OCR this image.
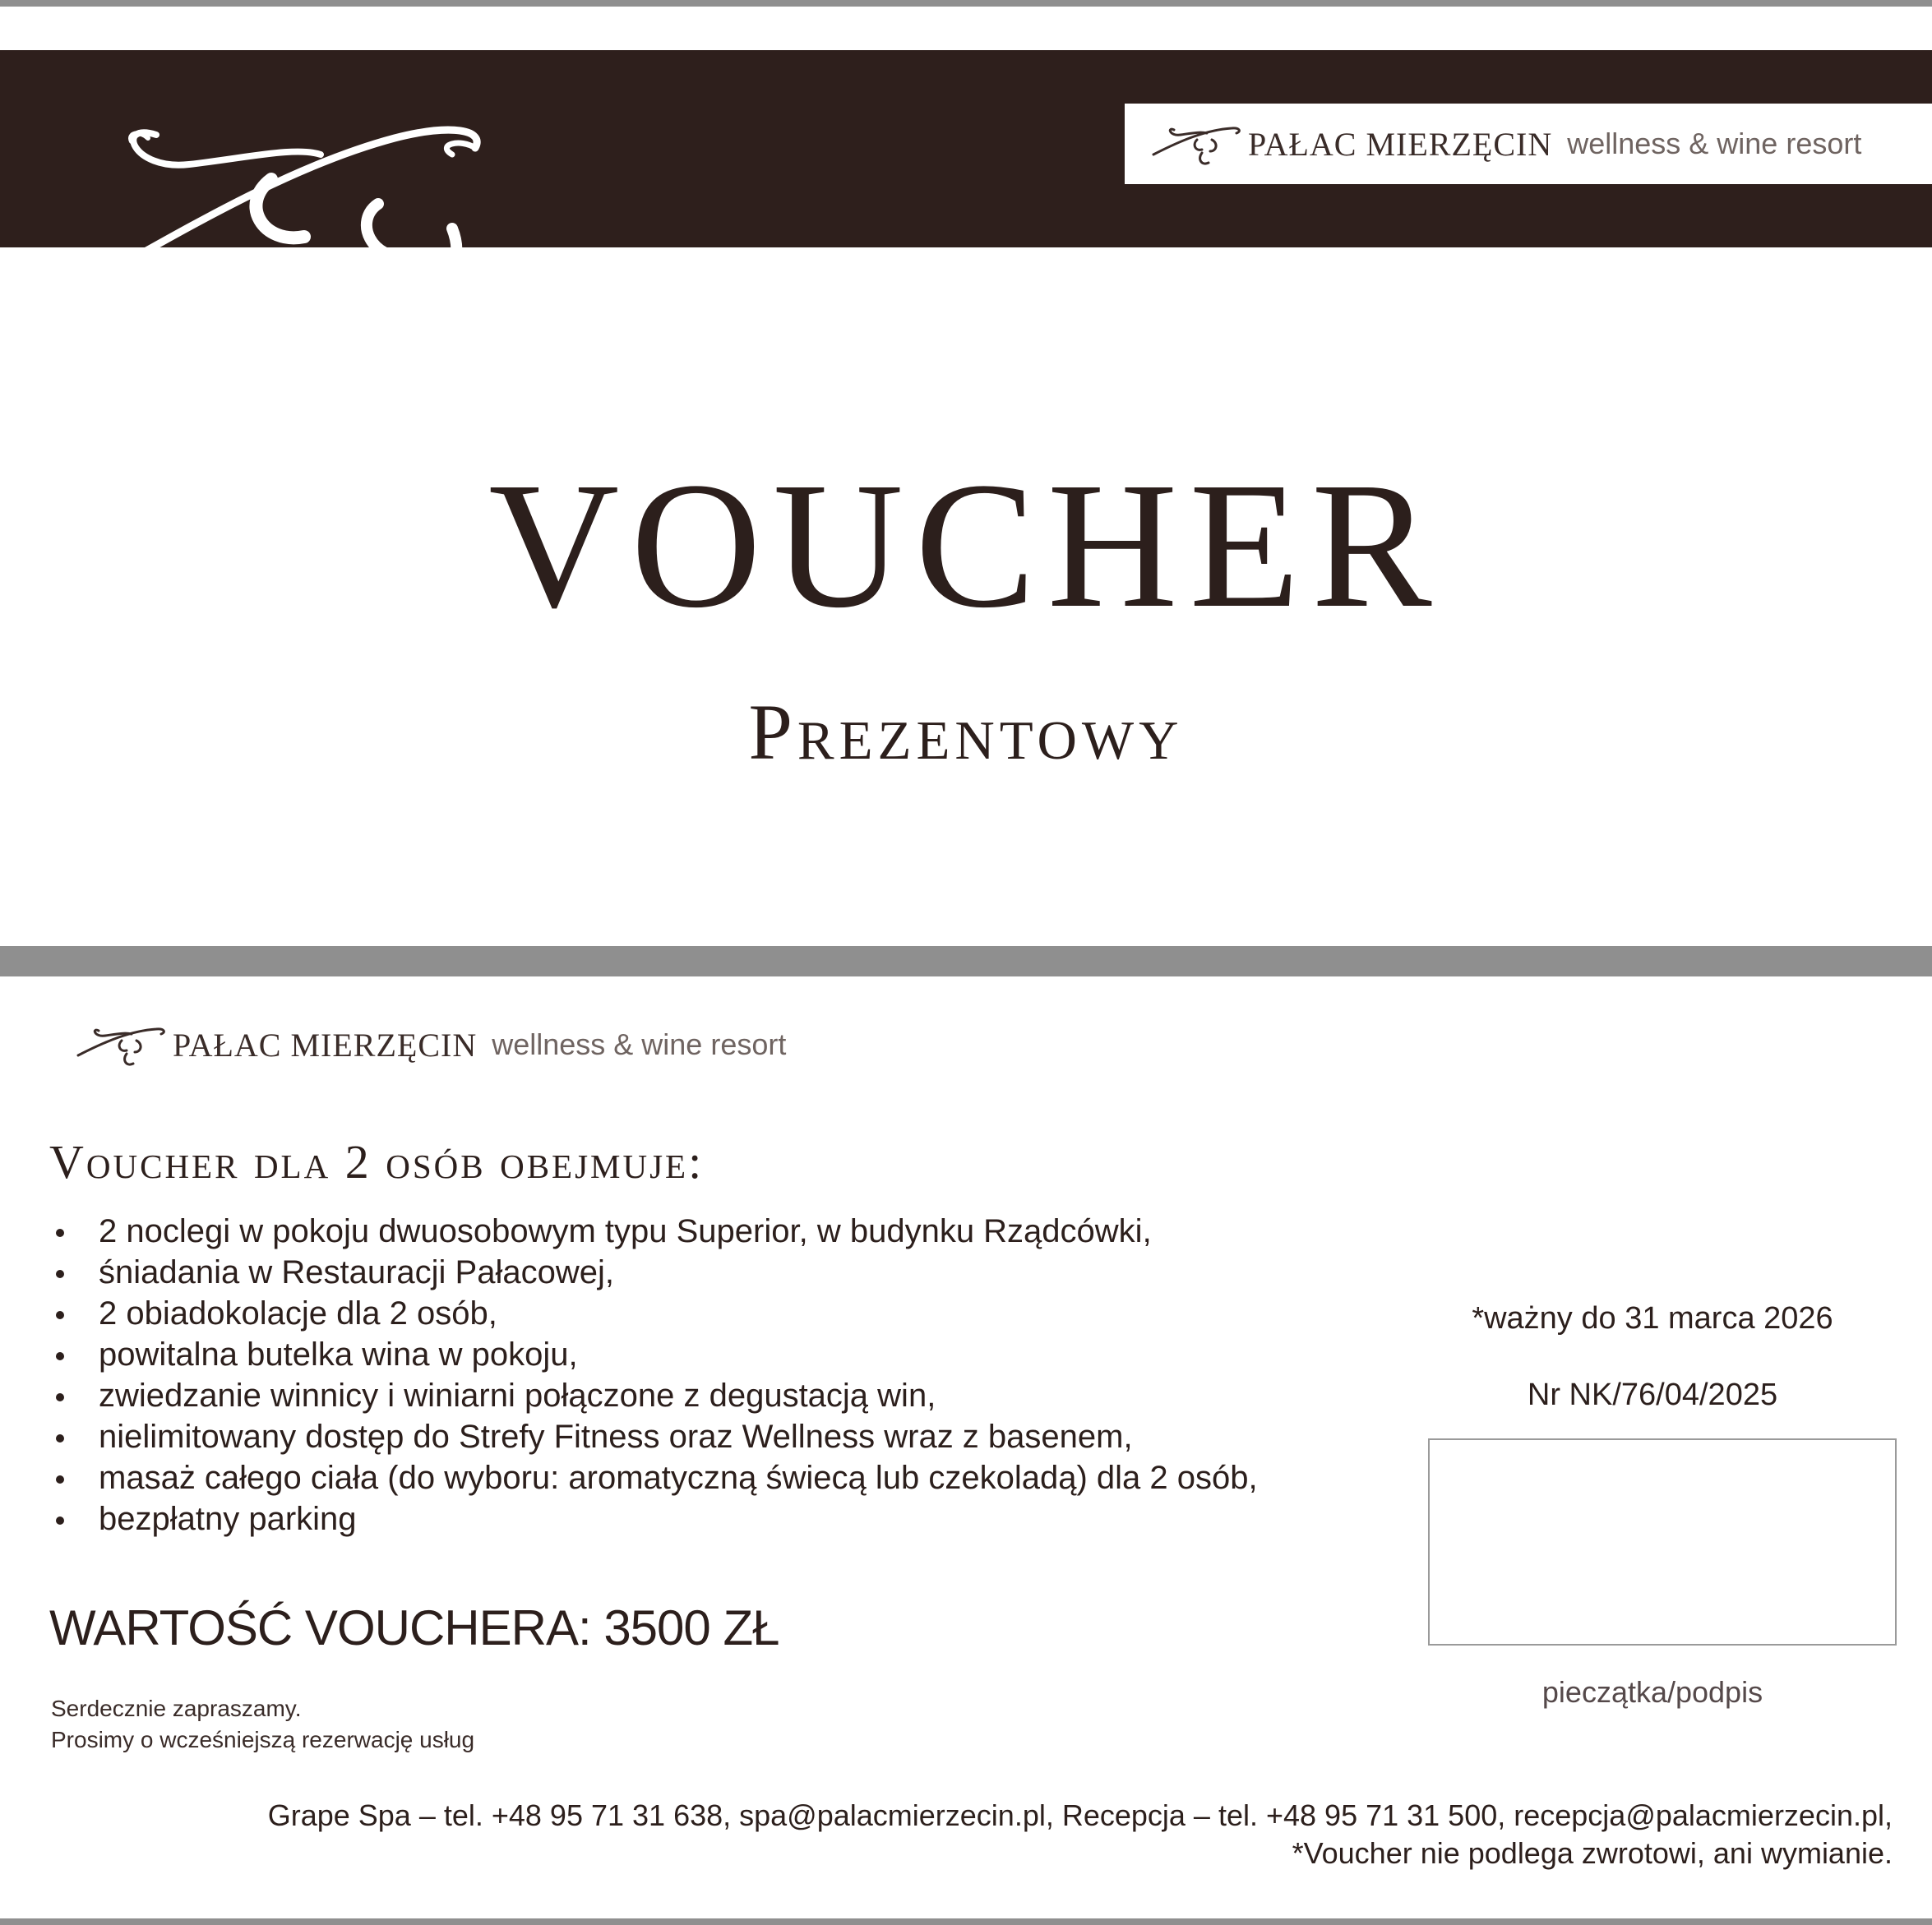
PAŁAC MIERZĘCIN wellness & wine resort
VOUCHER
Prezentowy
PAŁAC MIERZĘCIN wellness & wine resort
Voucher dla 2 osób obejmuje:
2 noclegi w pokoju dwuosobowym typu Superior, w budynku Rządcówki,
śniadania w Restauracji Pałacowej,
2 obiadokolacje dla 2 osób,
powitalna butelka wina w pokoju,
zwiedzanie winnicy i winiarni połączone z degustacją win,
nielimitowany dostęp do Strefy Fitness oraz Wellness wraz z basenem,
masaż całego ciała (do wyboru: aromatyczną świecą lub czekoladą) dla 2 osób,
bezpłatny parking
WARTOŚĆ VOUCHERA: 3500 ZŁ
Serdecznie zapraszamy.
Prosimy o wcześniejszą rezerwację usług
*ważny do 31 marca 2026
Nr NK/76/04/2025
pieczątka/podpis
Grape Spa – tel. +48 95 71 31 638, spa@palacmierzecin.pl, Recepcja – tel. +48 95 71 31 500, recepcja@palacmierzecin.pl,
*Voucher nie podlega zwrotowi, ani wymianie.
